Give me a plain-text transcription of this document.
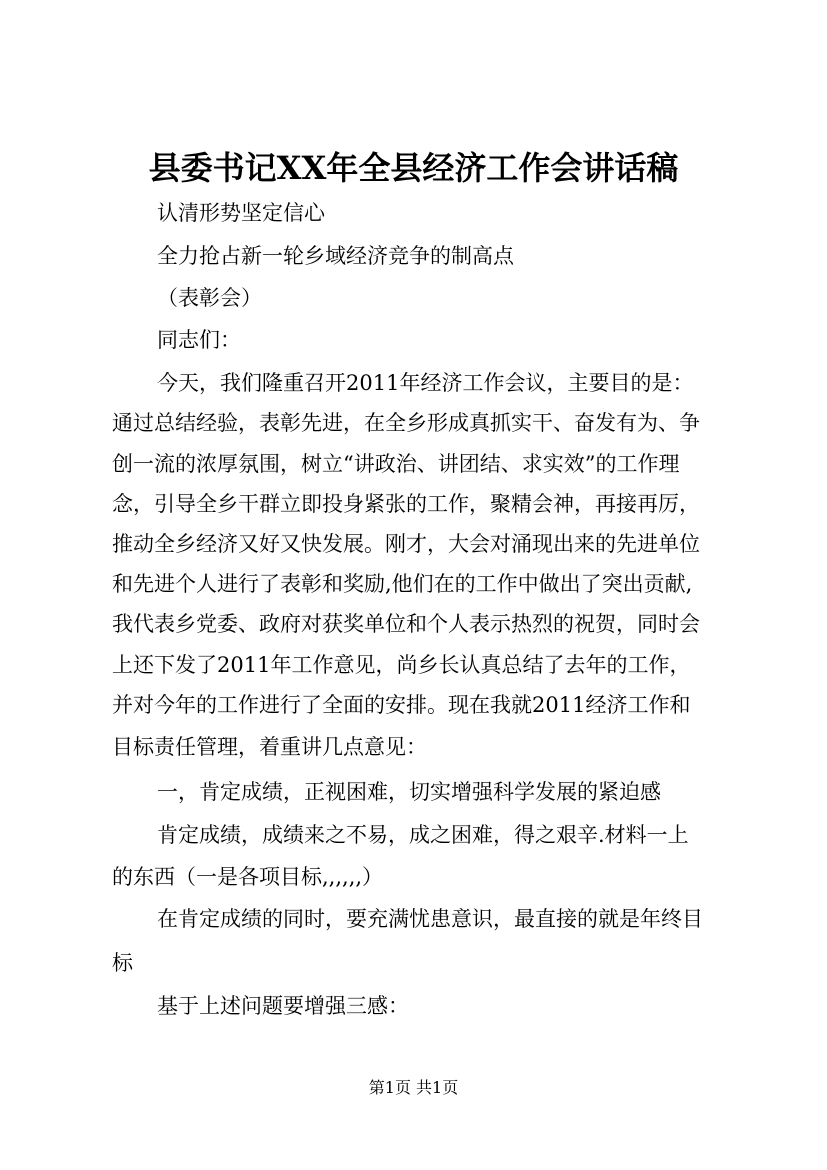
县委书记XX年全县经济工作会讲话稿
认清形势坚定信心
全力抢占新一轮乡域经济竞争的制高点
（表彰会）
同志们：
今天，我们隆重召开2011年经济工作会议，主要目的是：
通过总结经验，表彰先进，在全乡形成真抓实干、奋发有为、争
创一流的浓厚氛围，树立“讲政治、讲团结、求实效”的工作理
念，引导全乡干群立即投身紧张的工作，聚精会神，再接再厉，
推动全乡经济又好又快发展。刚才，大会对涌现出来的先进单位
和先进个人进行了表彰和奖励,他们在的工作中做出了突出贡献,
我代表乡党委、政府对获奖单位和个人表示热烈的祝贺，同时会
上还下发了2011年工作意见，尚乡长认真总结了去年的工作，
并对今年的工作进行了全面的安排。现在我就2011经济工作和
目标责任管理，着重讲几点意见：
一，肯定成绩，正视困难，切实增强科学发展的紧迫感
肯定成绩，成绩来之不易，成之困难，得之艰辛.材料一上
的东西（一是各项目标,,,,,,）
在肯定成绩的同时，要充满忧患意识，最直接的就是年终目
标
基于上述问题要增强三感：
第1页 共1页
